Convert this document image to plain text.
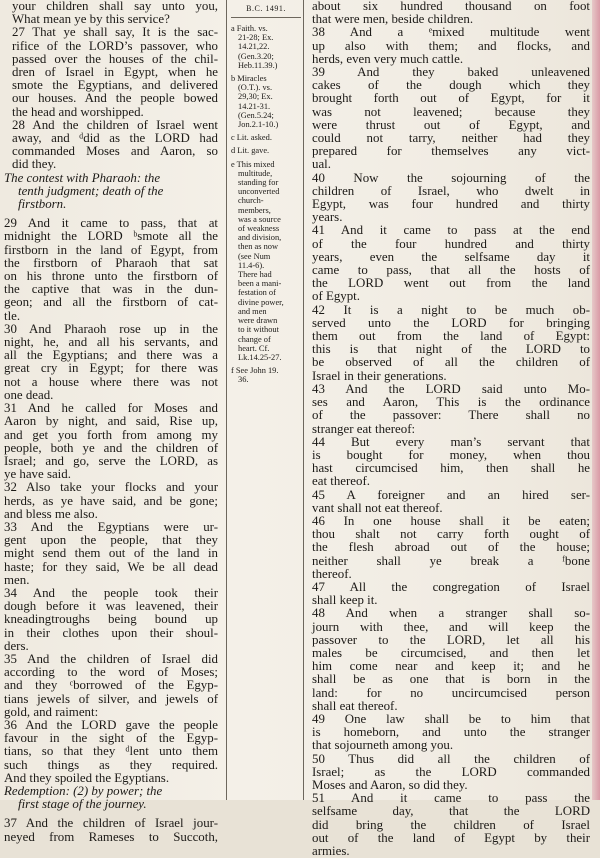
your children shall say unto you,
What mean ye by this service?
27 That ye shall say, It is the sac-
rifice of the LORD’s passover, who
passed over the houses of the chil-
dren of Israel in Egypt, when he
smote the Egyptians, and delivered
our houses. And the people bowed
the head and worshipped.
28 And the children of Israel went
away, and ᵈdid as the LORD had
commanded Moses and Aaron, so
did they.
The contest with Pharaoh: the
tenth judgment; death of the
firstborn.
29 And it came to pass, that at
midnight the LORD ᵇsmote all the
firstborn in the land of Egypt, from
the firstborn of Pharaoh that sat
on his throne unto the firstborn of
the captive that was in the dun-
geon; and all the firstborn of cat-
tle.
30 And Pharaoh rose up in the
night, he, and all his servants, and
all the Egyptians; and there was a
great cry in Egypt; for there was
not a house where there was not
one dead.
31 And he called for Moses and
Aaron by night, and said, Rise up,
and get you forth from among my
people, both ye and the children of
Israel; and go, serve the LORD, as
ye have said.
32 Also take your flocks and your
herds, as ye have said, and be gone;
and bless me also.
33 And the Egyptians were ur-
gent upon the people, that they
might send them out of the land in
haste; for they said, We be all dead
men.
34 And the people took their
dough before it was leavened, their
kneadingtroughs being bound up
in their clothes upon their shoul-
ders.
35 And the children of Israel did
according to the word of Moses;
and they ᶜborrowed of the Egyp-
tians jewels of silver, and jewels of
gold, and raiment:
36 And the LORD gave the people
favour in the sight of the Egyp-
tians, so that they ᵈlent unto them
such things as they required.
And they spoiled the Egyptians.
Redemption: (2) by power; the
first stage of the journey.
37 And the children of Israel jour-
neyed from Rameses to Succoth,
B.C. 1491.
a Faith. vs.
21-28; Ex.
14.21,22.
(Gen.3.20;
Heb.11.39.)
b Miracles
(O.T.). vs.
29,30; Ex.
14.21-31.
(Gen.5.24;
Jon.2.1-10.)
c Lit. asked.
d Lit. gave.
e This mixed
multitude,
standing for
unconverted
church-
members,
was a source
of weakness
and division,
then as now
(see Num
11.4-6).
There had
been a mani-
festation of
divine power,
and men
were drawn
to it without
change of
heart. Cf.
Lk.14.25-27.
f See John 19.
36.
about six hundred thousand on foot
that were men, beside children.
38 And a ᵉmixed multitude went
up also with them; and flocks, and
herds, even very much cattle.
39 And they baked unleavened
cakes of the dough which they
brought forth out of Egypt, for it
was not leavened; because they
were thrust out of Egypt, and
could not tarry, neither had they
prepared for themselves any vict-
ual.
40 Now the sojourning of the
children of Israel, who dwelt in
Egypt, was four hundred and thirty
years.
41 And it came to pass at the end
of the four hundred and thirty
years, even the selfsame day it
came to pass, that all the hosts of
the LORD went out from the land
of Egypt.
42 It is a night to be much ob-
served unto the LORD for bringing
them out from the land of Egypt:
this is that night of the LORD to
be observed of all the children of
Israel in their generations.
43 And the LORD said unto Mo-
ses and Aaron, This is the ordinance
of the passover: There shall no
stranger eat thereof:
44 But every man’s servant that
is bought for money, when thou
hast circumcised him, then shall he
eat thereof.
45 A foreigner and an hired ser-
vant shall not eat thereof.
46 In one house shall it be eaten;
thou shalt not carry forth ought of
the flesh abroad out of the house;
neither shall ye break a ᶠbone
thereof.
47 All the congregation of Israel
shall keep it.
48 And when a stranger shall so-
journ with thee, and will keep the
passover to the LORD, let all his
males be circumcised, and then let
him come near and keep it; and he
shall be as one that is born in the
land: for no uncircumcised person
shall eat thereof.
49 One law shall be to him that
is homeborn, and unto the stranger
that sojourneth among you.
50 Thus did all the children of
Israel; as the LORD commanded
Moses and Aaron, so did they.
51 And it came to pass the
selfsame day, that the LORD
did bring the children of Israel
out of the land of Egypt by their
armies.
